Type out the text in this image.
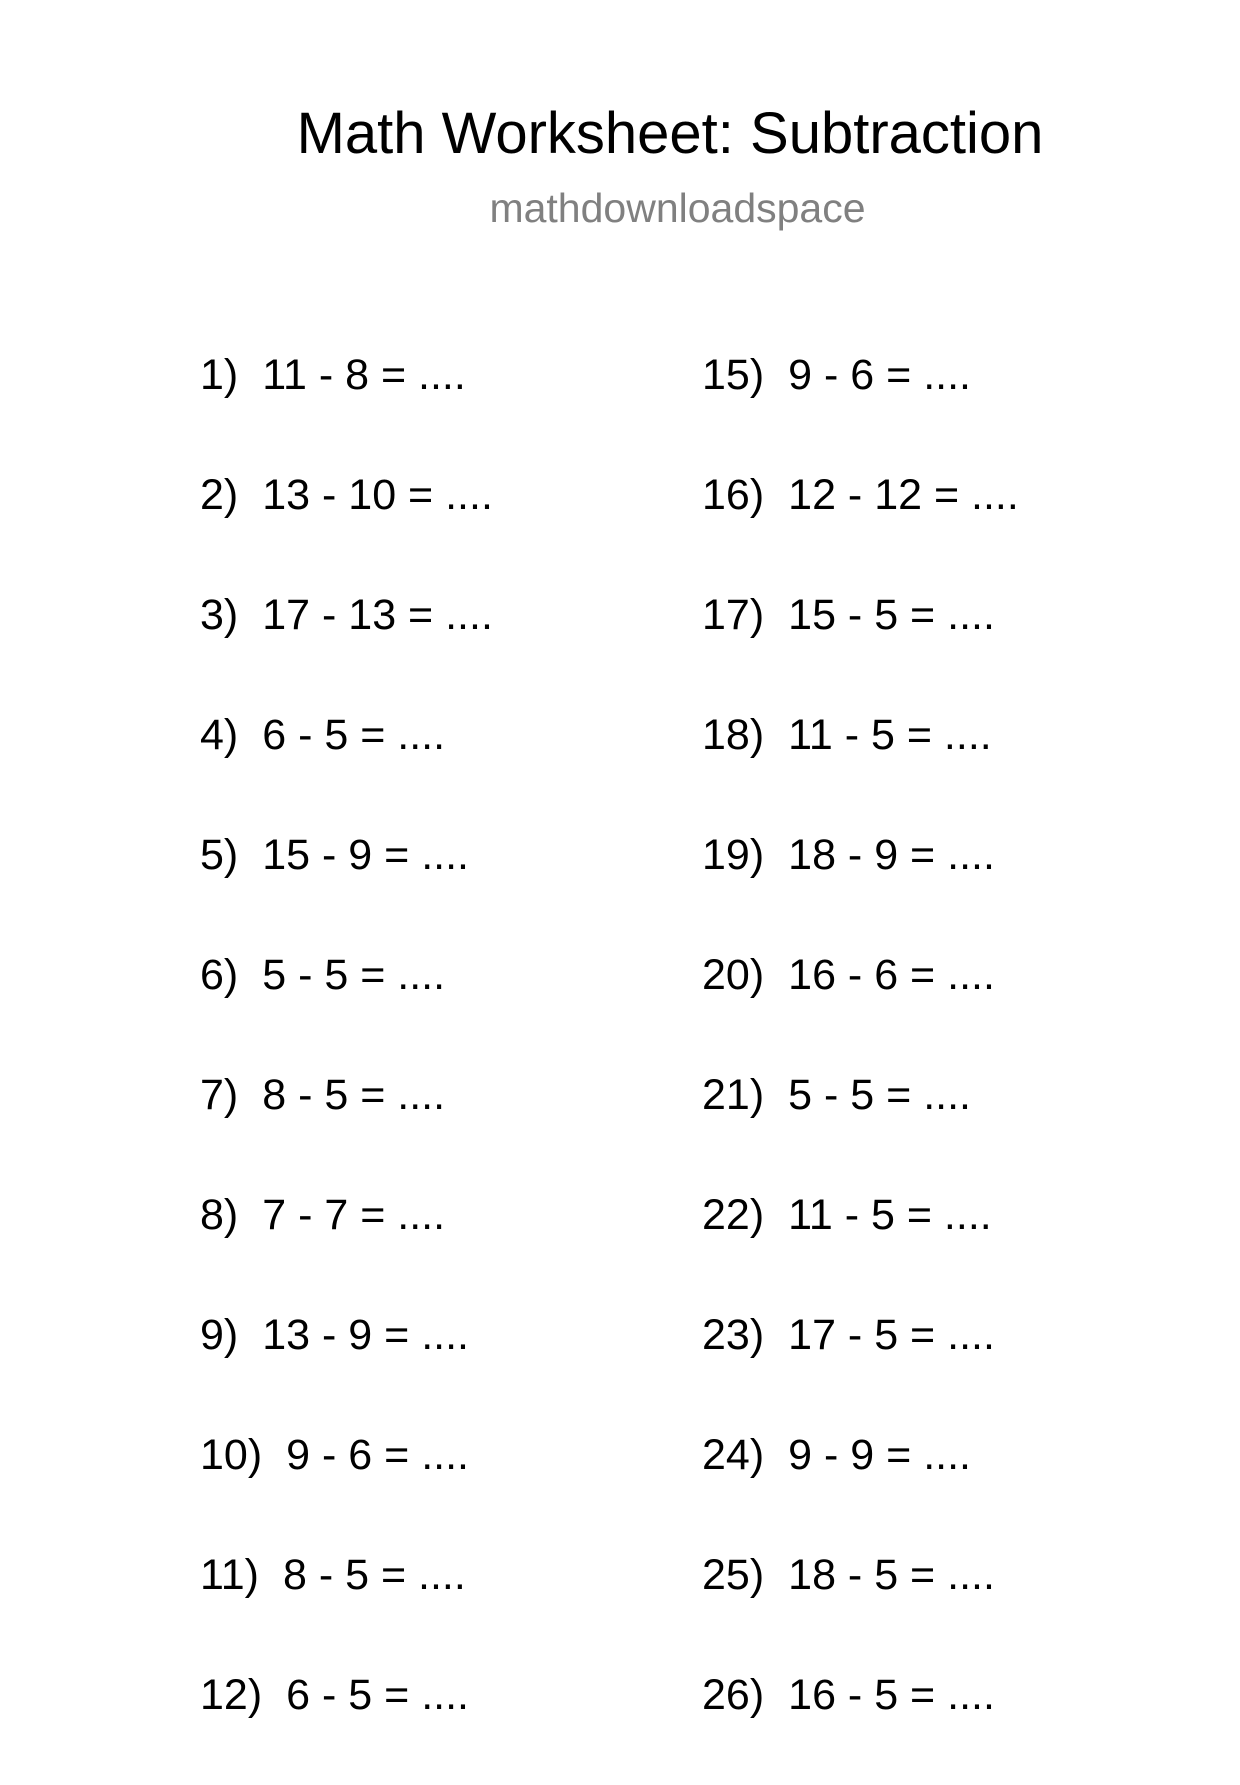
Math Worksheet: Subtraction
mathdownloadspace
1) 11 - 8 = ....
2) 13 - 10 = ....
3) 17 - 13 = ....
4) 6 - 5 = ....
5) 15 - 9 = ....
6) 5 - 5 = ....
7) 8 - 5 = ....
8) 7 - 7 = ....
9) 13 - 9 = ....
10) 9 - 6 = ....
11) 8 - 5 = ....
12) 6 - 5 = ....
15) 9 - 6 = ....
16) 12 - 12 = ....
17) 15 - 5 = ....
18) 11 - 5 = ....
19) 18 - 9 = ....
20) 16 - 6 = ....
21) 5 - 5 = ....
22) 11 - 5 = ....
23) 17 - 5 = ....
24) 9 - 9 = ....
25) 18 - 5 = ....
26) 16 - 5 = ....
